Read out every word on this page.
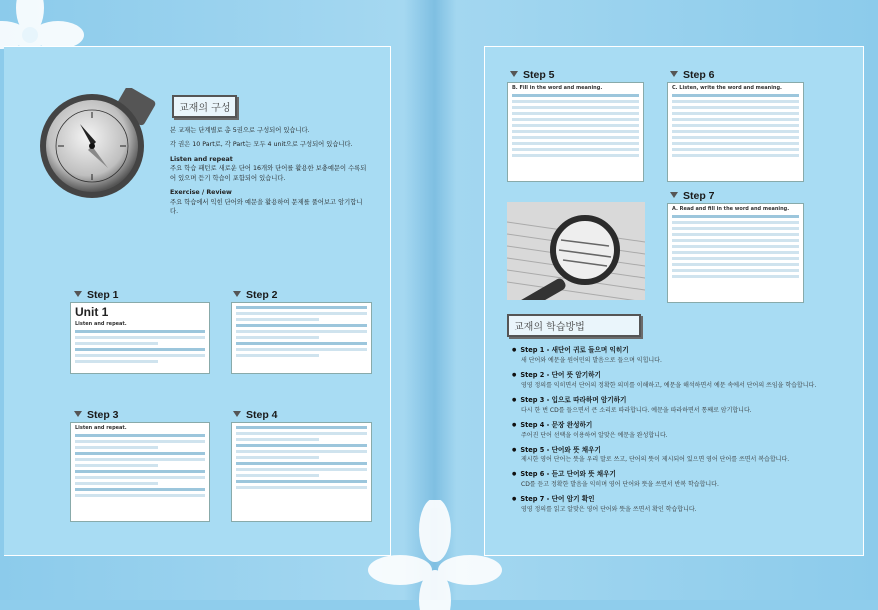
교재의 구성

본 교재는 단계별로 총 5권으로 구성되어 있습니다.

각 권은 10 Part로, 각 Part는 모두 4 unit으로 구성되어 있습니다.

Listen and repeat
주요 학습 패턴로 새로운 단어 16개와 단어를 활용한 보충예문이 수록되어 있으며 듣기 학습이 포함되어 있습니다.

Exercise / Review
주요 학습에서 익힌 단어와 예문을 활용하여 문제를 풀어보고 암기합니다.

Step 1
Unit 1
Listen and repeat.
Step 2
Step 3
Listen and repeat.
Step 4
Step 5
B. Fill in the word and meaning.
Step 6
C. Listen, write the word and meaning.
Step 7
A. Read and fill in the word and meaning.
교재의 학습방법
● Step 1 - 새단어 귀로 들으며 익히기
새 단어와 예문을 원어민의 발음으로 들으며 익힙니다.
● Step 2 - 단어 뜻 암기하기
영영 정의를 익히면서 단어의 정확한 의미를 이해하고, 예문을 해석하면서 예문 속에서 단어의 쓰임을 학습합니다.
● Step 3 - 입으로 따라하며 암기하기
다시 한 번 CD를 들으면서 큰 소리로 따라합니다. 예문을 따라하면서 통째로 암기합니다.
● Step 4 - 문장 완성하기
주어진 단어 선택을 이용하여 알맞은 예문을 완성합니다.
● Step 5 - 단어와 뜻 채우기
제시한 영어 단어는 뜻을 우리 말로 쓰고, 단어의 뜻이 제시되어 있으면 영어 단어를 쓰면서 복습합니다.
● Step 6 - 듣고 단어와 뜻 채우기
CD를 듣고 정확한 발음을 익히며 영어 단어와 뜻을 쓰면서 반복 학습합니다.
● Step 7 - 단어 암기 확인
영영 정의를 읽고 알맞은 영어 단어와 뜻을 쓰면서 확인 학습합니다.
